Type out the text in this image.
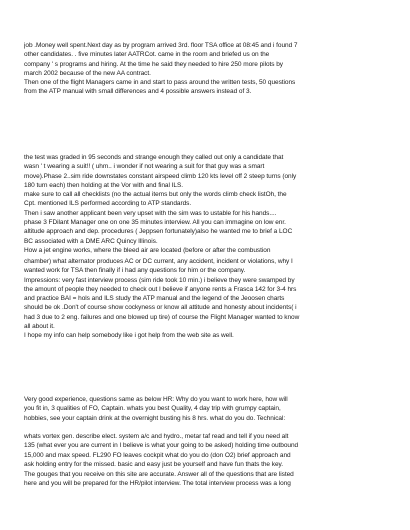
job .Money well spent.Next day as by program arrived 3rd. floor TSA office at 08:45 and i found 7

other candidates. . five minutes later AATRCot. came in the room and briefed us on the

company ' s programs and hiring. At the time he said they needed to hire 250 more pilots by

march 2002 because of the new AA contract.

Then one of the flight Managers came in and start to pass around the written tests, 50 questions

from the ATP manual with small differences and 4 possible answers instead of 3.

the test was graded in 95 seconds and strange enough they called out only a candidate that

wasn ' t wearing a suit!! ( uhm.. i wonder if not wearing a suit for that guy was a smart

move).Phase 2..sim ride downstates constant airspeed climb 120 kts level off 2 steep turns (only

180 turn each) then holding at the Vor with and final ILS.

make sure to call all checklists (no the actual items but only the words climb check listOh, the

Cpt. mentioned ILS performed according to ATP standards.

Then i saw another applicant been very upset with the sim was to ustable for his hands....

phase 3 FDilant Manager one on one 35 minutes interview. All you can immagine on low enr.

altitude approach and dep. procedures ( Jeppsen fortunately)also he wanted me to brief a LOC

BC associated with a DME ARC Quincy Illinois.

How a jet engine works, where the bleed air are located (before or after the combustion

chamber) what alternator produces AC or DC current, any accident, incident or violations, why I

wanted work for TSA then finally if i had any questions for him or the company.

Impressions: very fast interview process (sim ride took 10 min.) i believe they were swamped by

the amount of people they needed to check out I believe if anyone rents a Frasca 142 for 3-4 hrs

and practice BAI = hols and ILS study the ATP manual and the legend of the Jeoosen charts

should be ok .Don't of course show cockyness or know all attitude and honesty about incidents( i

had 3 due to 2 eng. failures and one blowed up tire) of course the Flight Manager wanted to know

all about it.

I hope my info can help somebody like i got help from the web site as well.

Very good experience, questions same as below HR: Why do you want to work here, how will

you fit in, 3 qualities of FO, Captain. whats you best Quality, 4 day trip with grumpy captain,

hobbies, see your captain drink at the overnight busting his 8 hrs. what do you do. Technical:

whats vortex gen. describe elect. system a/c and hydro., metar taf read and tell if you need alt

135 (what ever you are current in I believe is what your going to be asked) holding time outbound

15,000 and max speed. FL290 FO leaves cockpit what do you do (don O2) brief approach and

ask holding entry for the missed. basic and easy just be yourself and have fun thats the key.

The gouges that you receive on this site are accurate. Answer all of the questions that are listed

here and you will be prepared for the HR/pilot interview. The total interview process was a long
